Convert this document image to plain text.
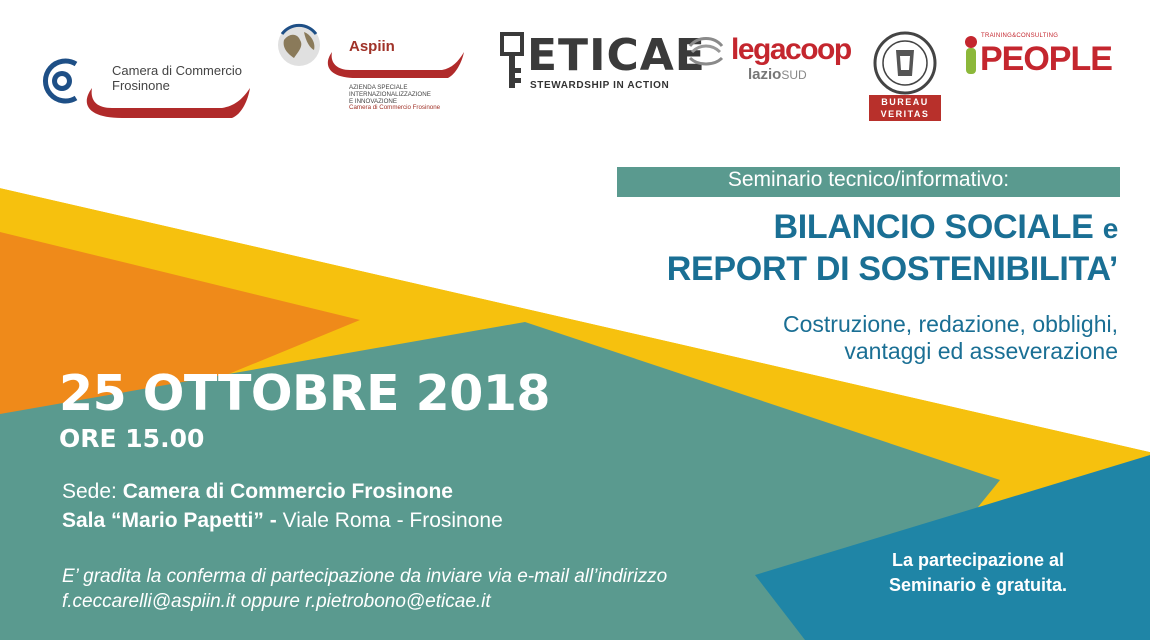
Camera di Commercio
Frosinone
Aspiin
AZIENDA SPECIALE
INTERNAZIONALIZZAZIONE
E INNOVAZIONE
Camera di Commercio Frosinone
ETICAE
STEWARDSHIP IN ACTION
legacoop
lazioSUD
BUREAU
VERITAS
TRAINING&CONSULTING
PEOPLE
Seminario tecnico/informativo:
BILANCIO SOCIALE e
REPORT DI SOSTENIBILITA’
Costruzione, redazione, obblighi,
vantaggi ed asseverazione
25 OTTOBRE 2018
ORE 15.00
Sede: Camera di Commercio Frosinone
Sala “Mario Papetti” - Viale Roma - Frosinone
E’ gradita la conferma di partecipazione da inviare via e-mail all’indirizzo
f.ceccarelli@aspiin.it oppure r.pietrobono@eticae.it
La partecipazione al
Seminario è gratuita.
